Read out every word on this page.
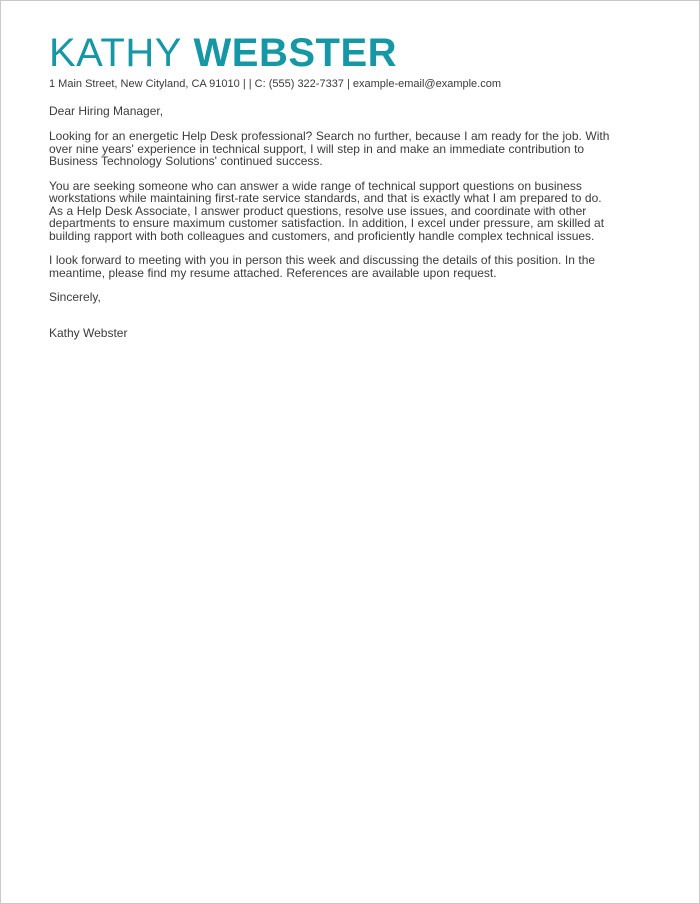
KATHY WEBSTER
1 Main Street, New Cityland, CA 91010 | | C: (555) 322-7337 | example-email@example.com
Dear Hiring Manager,
Looking for an energetic Help Desk professional? Search no further, because I am ready for the job. With
over nine years' experience in technical support, I will step in and make an immediate contribution to
Business Technology Solutions' continued success.
You are seeking someone who can answer a wide range of technical support questions on business
workstations while maintaining first-rate service standards, and that is exactly what I am prepared to do.
As a Help Desk Associate, I answer product questions, resolve use issues, and coordinate with other
departments to ensure maximum customer satisfaction. In addition, I excel under pressure, am skilled at
building rapport with both colleagues and customers, and proficiently handle complex technical issues.
I look forward to meeting with you in person this week and discussing the details of this position. In the
meantime, please find my resume attached. References are available upon request.
Sincerely,
Kathy Webster
